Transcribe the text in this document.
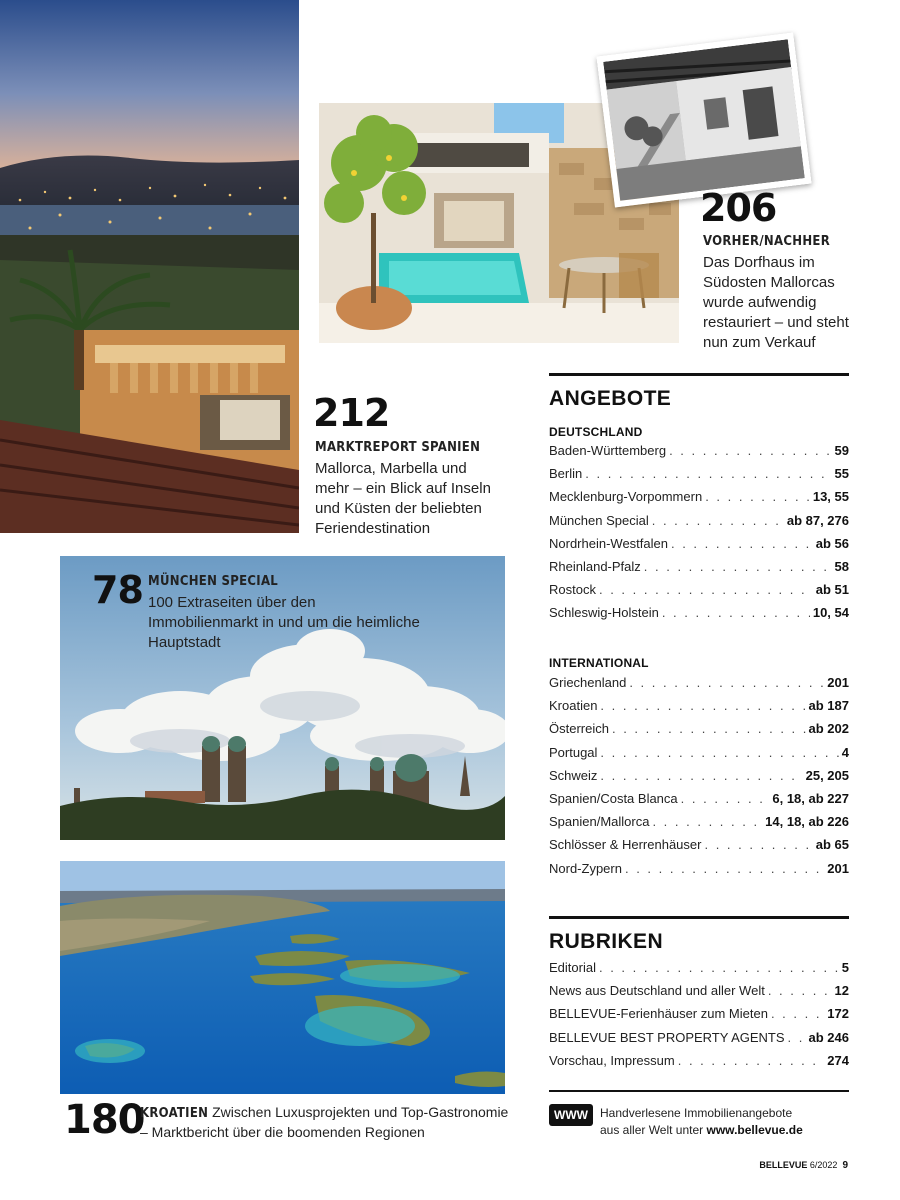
206
VORHER/NACHHER
Das Dorfhaus im Südosten Mallorcas wurde aufwendig restauriert – und steht nun zum Verkauf
212
MARKTREPORT SPANIEN
Mallorca, Marbella und mehr – ein Blick auf Inseln und Küsten der beliebten Feriendestination
78 MÜNCHEN SPECIAL
100 Extraseiten über den Immobilienmarkt in und um die heimliche Hauptstadt
180
KROATIEN Zwischen Luxusprojekten und Top-Gastronomie – Marktbericht über die boomenden Regionen
ANGEBOTE
DEUTSCHLAND
Baden-Württemberg . . .	59
Berlin . . .	55
Mecklenburg-Vorpommern . . .	13, 55
München Special . . .	ab 87, 276
Nordrhein-Westfalen . . .	ab 56
Rheinland-Pfalz . . .	58
Rostock . . .	ab 51
Schleswig-Holstein . . .	10, 54
INTERNATIONAL
Griechenland . . .	201
Kroatien . . .	ab 187
Österreich . . .	ab 202
Portugal . . .	4
Schweiz . . .	25, 205
Spanien/Costa Blanca . . .	6, 18, ab 227
Spanien/Mallorca . . .	14, 18, ab 226
Schlösser & Herrenhäuser . . .	ab 65
Nord-Zypern . . .	201
RUBRIKEN
Editorial . . .	5
News aus Deutschland und aller Welt . . .	12
BELLEVUE-Ferienhäuser zum Mieten . . .	172
BELLEVUE BEST PROPERTY AGENTS . . . ab 246
Vorschau, Impressum . . .	274
WWW	Handverlesene Immobilienangebote
aus aller Welt unter www.bellevue.de
BELLEVUE 6/2022 9
